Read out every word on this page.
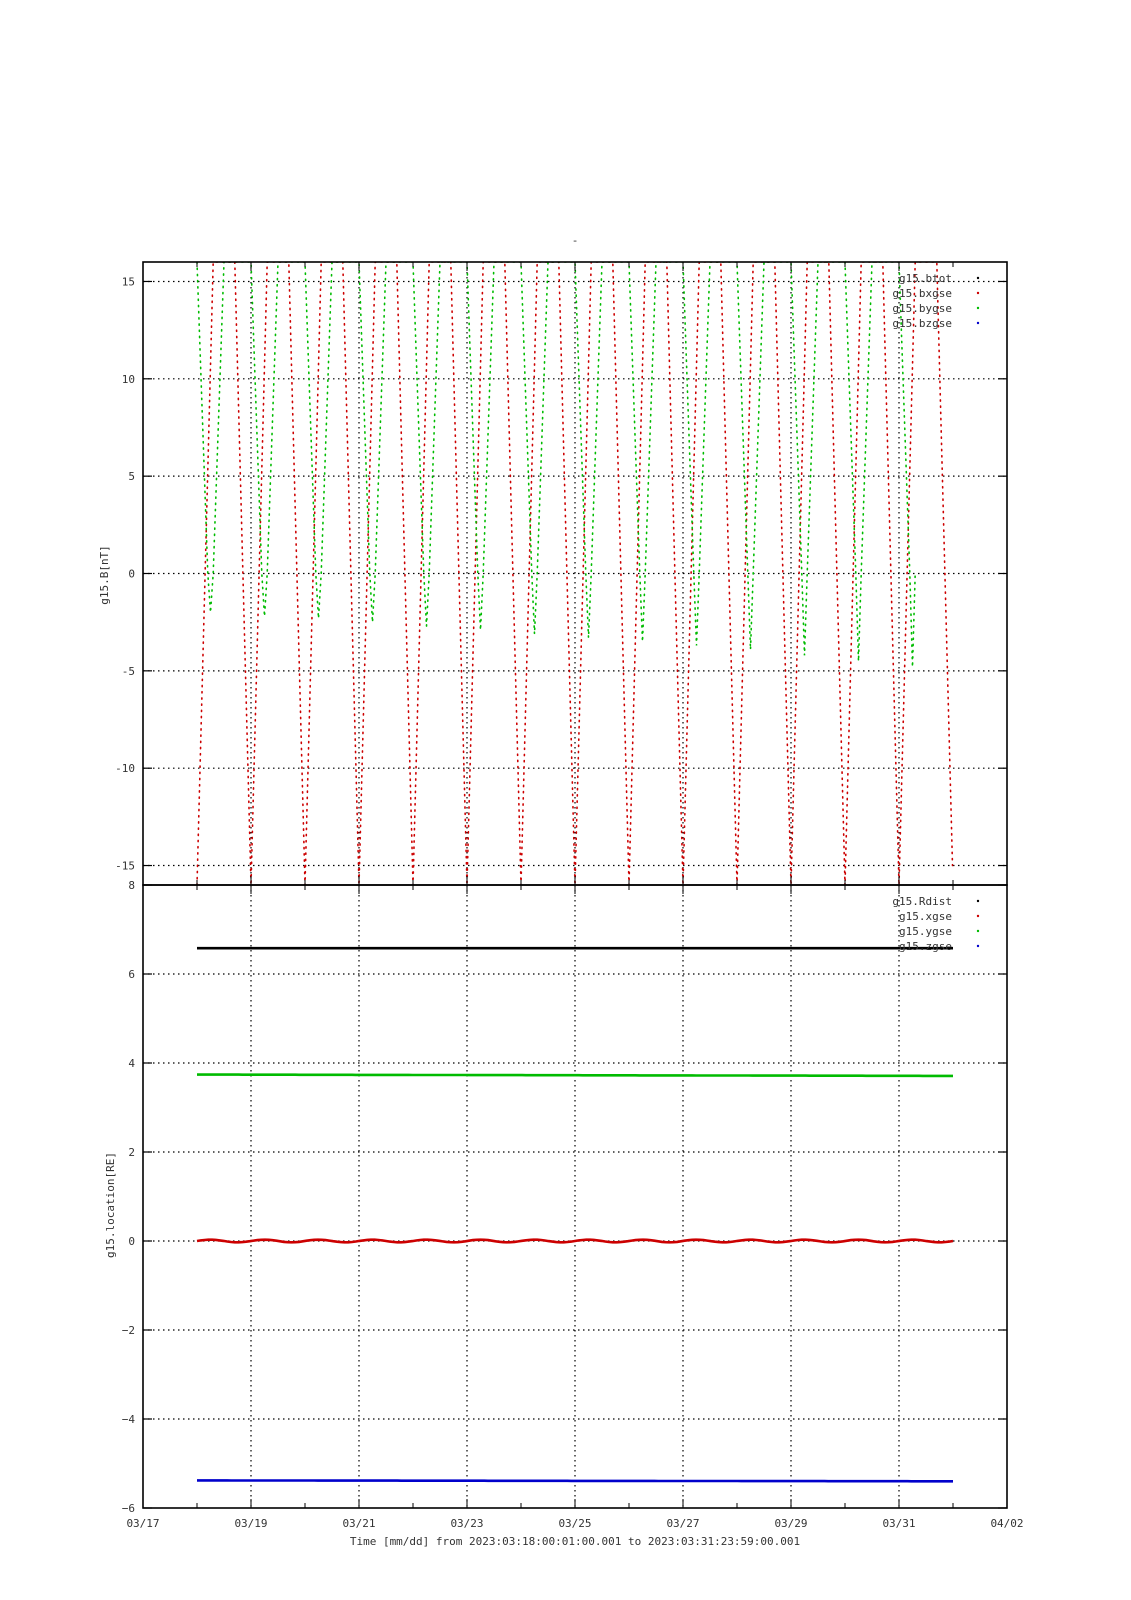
-
15
10
5
0
-5
-10
-15
g15.B[nT]
g15.btot
g15.bxgse
g15.bygse
g15.bzgse
8
6
4
2
0
−2
−4
−6
g15.location[RE]
g15.Rdist
g15.xgse
g15.ygse
g15.zgse
03/17	03/19	03/21	03/23	03/25	03/27	03/29	03/31	04/02
Time [mm/dd] from 2023:03:18:00:01:00.001 to 2023:03:31:23:59:00.001
